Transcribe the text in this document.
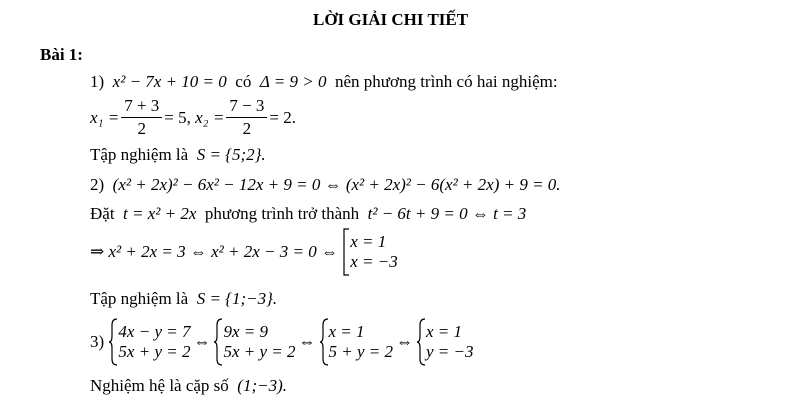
LỜI GIẢI CHI TIẾT
Bài 1:
1) x² − 7x + 10 = 0 có Δ = 9 > 0 nên phương trình có hai nghiệm:
$x_1 = \frac{7 + 3}{2} = 5$,
$x_2 = \frac{7 - 3}{2} = 2$.
Tập nghiệm là S = {5;2}.
2) (x² + 2x)² − 6x² − 12x + 9 = 0 ⇔ (x² + 2x)² − 6(x² + 2x) + 9 = 0.
Đặt t = x² + 2x phương trình trở thành t² − 6t + 9 = 0 ⇔ t = 3
⇒ x² + 2x = 3 ⇔ x² + 2x − 3 = 0 ⇔

x = 1
x = −3
Tập nghiệm là S = {1;−3}.
3)

4x − y = 7
5x + y = 2
⇔
9x = 9
5x + y = 2
⇔
x = 1
5 + y = 2
⇔
x = 1
y = −3
Nghiệm hệ là cặp số (1;−3).
